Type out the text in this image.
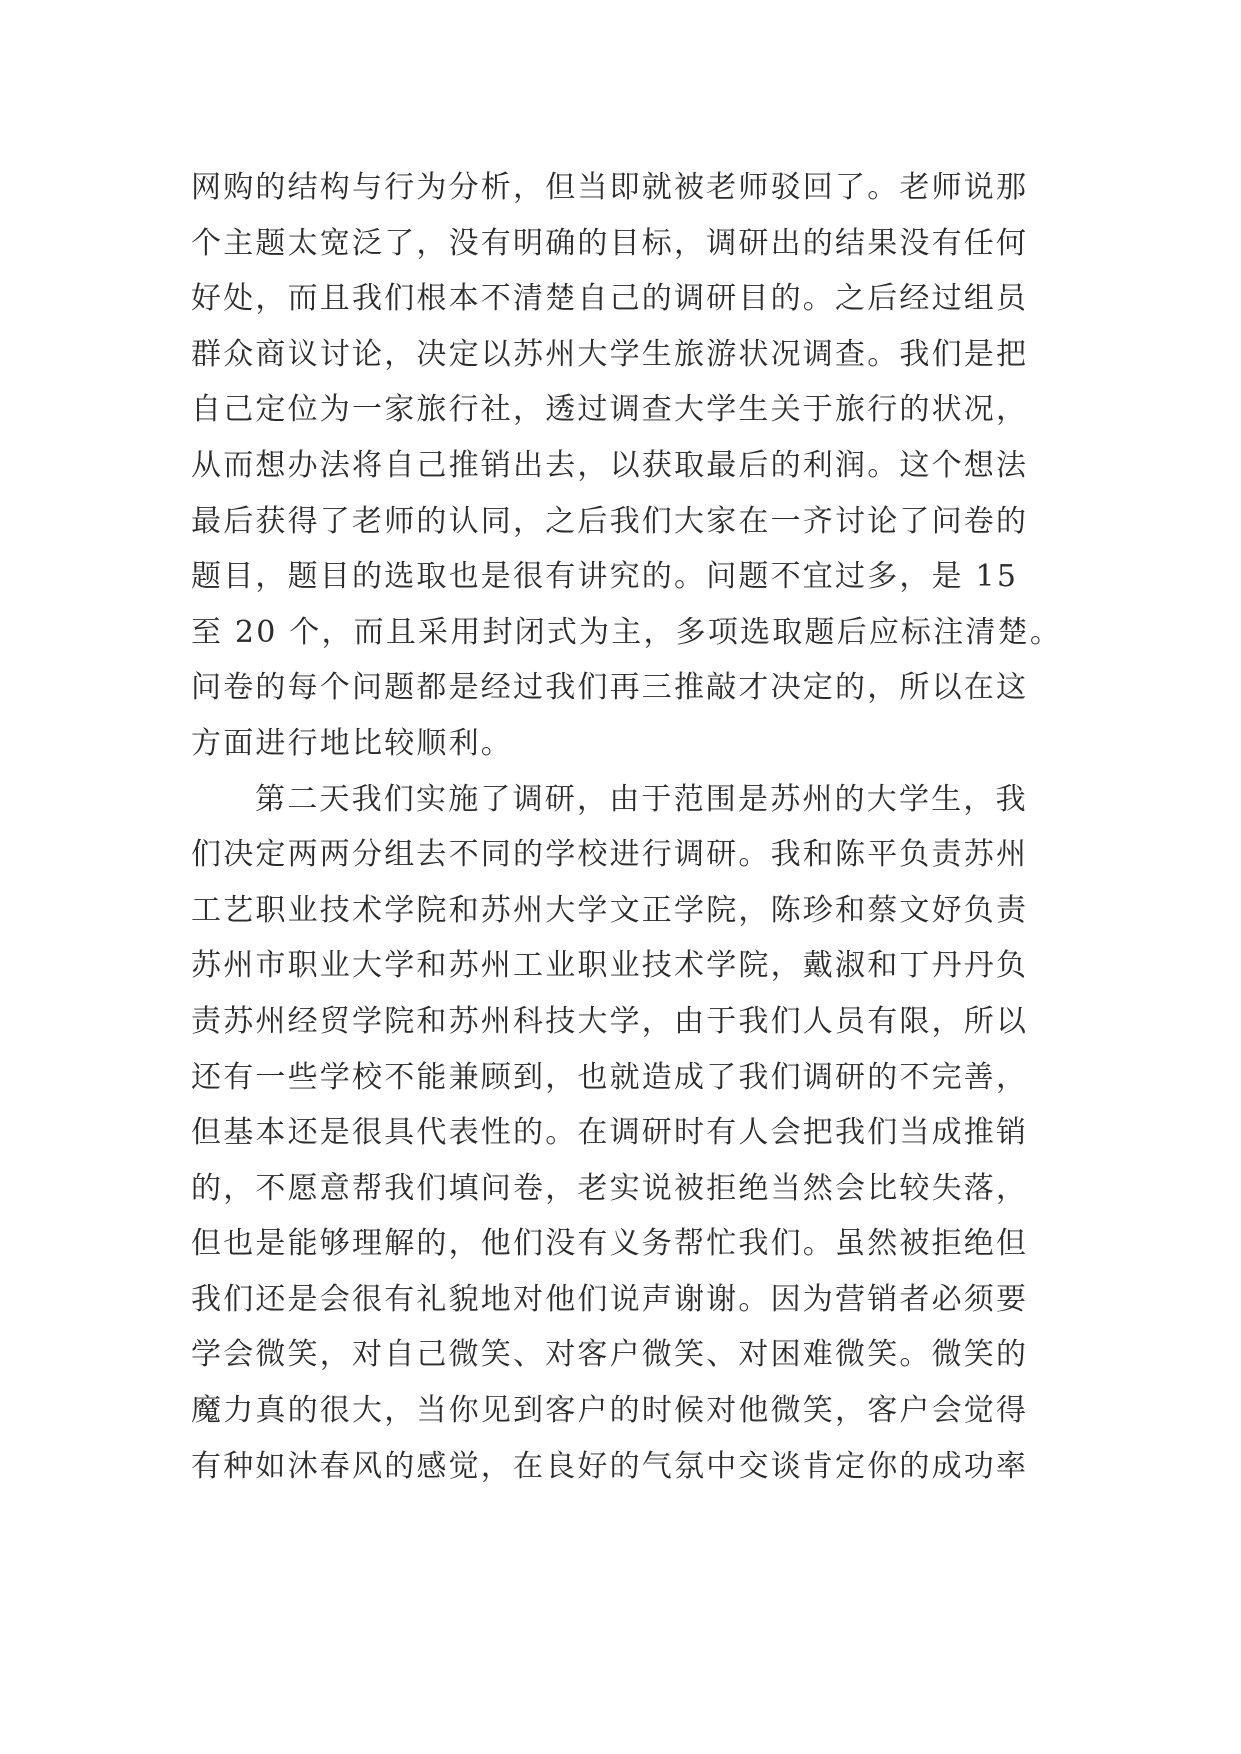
网购的结构与行为分析，但当即就被老师驳回了。老师说那
个主题太宽泛了，没有明确的目标，调研出的结果没有任何
好处，而且我们根本不清楚自己的调研目的。之后经过组员
群众商议讨论，决定以苏州大学生旅游状况调查。我们是把
自己定位为一家旅行社，透过调查大学生关于旅行的状况，
从而想办法将自己推销出去，以获取最后的利润。这个想法
最后获得了老师的认同，之后我们大家在一齐讨论了问卷的
题目，题目的选取也是很有讲究的。问题不宜过多，是 15
至 20 个，而且采用封闭式为主，多项选取题后应标注清楚。
问卷的每个问题都是经过我们再三推敲才决定的，所以在这
方面进行地比较顺利。
第二天我们实施了调研，由于范围是苏州的大学生，我
们决定两两分组去不同的学校进行调研。我和陈平负责苏州
工艺职业技术学院和苏州大学文正学院，陈珍和蔡文妤负责
苏州市职业大学和苏州工业职业技术学院，戴淑和丁丹丹负
责苏州经贸学院和苏州科技大学，由于我们人员有限，所以
还有一些学校不能兼顾到，也就造成了我们调研的不完善，
但基本还是很具代表性的。在调研时有人会把我们当成推销
的，不愿意帮我们填问卷，老实说被拒绝当然会比较失落，
但也是能够理解的，他们没有义务帮忙我们。虽然被拒绝但
我们还是会很有礼貌地对他们说声谢谢。因为营销者必须要
学会微笑，对自己微笑、对客户微笑、对困难微笑。微笑的
魔力真的很大，当你见到客户的时候对他微笑，客户会觉得
有种如沐春风的感觉，在良好的气氛中交谈肯定你的成功率
